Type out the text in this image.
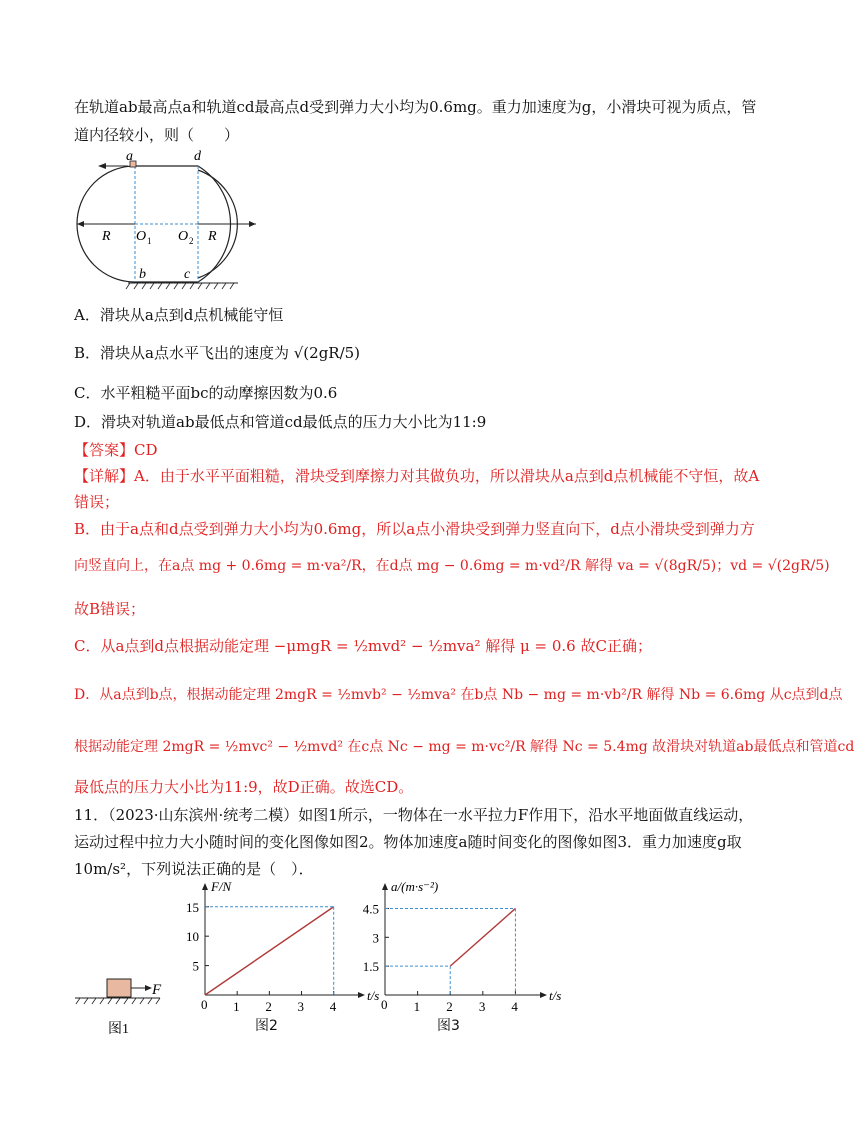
在轨道ab最高点a和轨道cd最高点d受到弹力大小均为0.6mg。重力加速度为g，小滑块可视为质点，管
道内径较小，则（　　）
a	d
b	c
R	R
O 1 O 2
A．滑块从a点到d点机械能守恒
B．滑块从a点水平飞出的速度为 √(2gR/5)
C．水平粗糙平面bc的动摩擦因数为0.6
D．滑块对轨道ab最低点和管道cd最低点的压力大小比为11:9
【答案】CD
【详解】A．由于水平平面粗糙，滑块受到摩擦力对其做负功，所以滑块从a点到d点机械能不守恒，故A
错误；
B．由于a点和d点受到弹力大小均为0.6mg，所以a点小滑块受到弹力竖直向下，d点小滑块受到弹力方
向竖直向上，在a点 mg + 0.6mg = m·va²/R，在d点 mg − 0.6mg = m·vd²/R 解得 va = √(8gR/5)；vd = √(2gR/5)
故B错误；
C．从a点到d点根据动能定理 −μmgR = ½mvd² − ½mva² 解得 μ = 0.6 故C正确；
D．从a点到b点，根据动能定理 2mgR = ½mvb² − ½mva² 在b点 Nb − mg = m·vb²/R 解得 Nb = 6.6mg 从c点到d点
根据动能定理 2mgR = ½mvc² − ½mvd² 在c点 Nc − mg = m·vc²/R 解得 Nc = 5.4mg 故滑块对轨道ab最低点和管道cd
最低点的压力大小比为11:9，故D正确。故选CD。
11．（2023·山东滨州·统考二模）如图1所示，一物体在一水平拉力F作用下，沿水平地面做直线运动，
运动过程中拉力大小随时间的变化图像如图2。物体加速度a随时间变化的图像如图3．重力加速度g取
10m/s²，下列说法正确的是（　）．
F
图1
F/N
t/s
0 1 2 3 4
5
10
15
图2
a/(m·s⁻²)
t/s
0 1 2 3 4
1.5
3
4.5
图3
